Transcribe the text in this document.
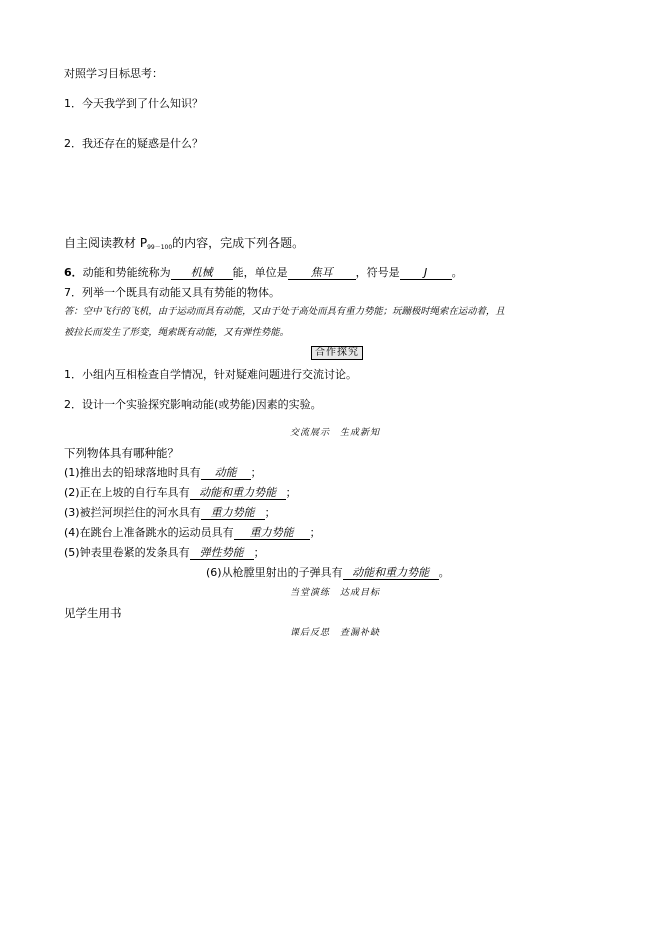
对照学习目标思考：
1．今天我学到了什么知识？
2．我还存在的疑惑是什么？
自主阅读教材 $P_{99-100}$的内容，完成下列各题。
6．动能和势能统称为 机械 能，单位是 焦耳 ，符号是 J 。
7．列举一个既具有动能又具有势能的物体。
答：空中飞行的飞机，由于运动而具有动能，又由于处于高处而具有重力势能；玩蹦极时绳索在运动着，且
被拉长而发生了形变，绳索既有动能，又有弹性势能。
合作探究
1．小组内互相检查自学情况，针对疑难问题进行交流讨论。
2．设计一个实验探究影响动能(或势能)因素的实验。
交流展示　生成新知
下列物体具有哪种能？
(1)推出去的铅球落地时具有 动能 ；
(2)正在上坡的自行车具有 动能和重力势能 ；
(3)被拦河坝拦住的河水具有 重力势能 ；
(4)在跳台上准备跳水的运动员具有 重力势能 ；
(5)钟表里卷紧的发条具有 弹性势能 ；
(6)从枪膛里射出的子弹具有 动能和重力势能 。
当堂演练　达成目标
见学生用书
课后反思　查漏补缺
